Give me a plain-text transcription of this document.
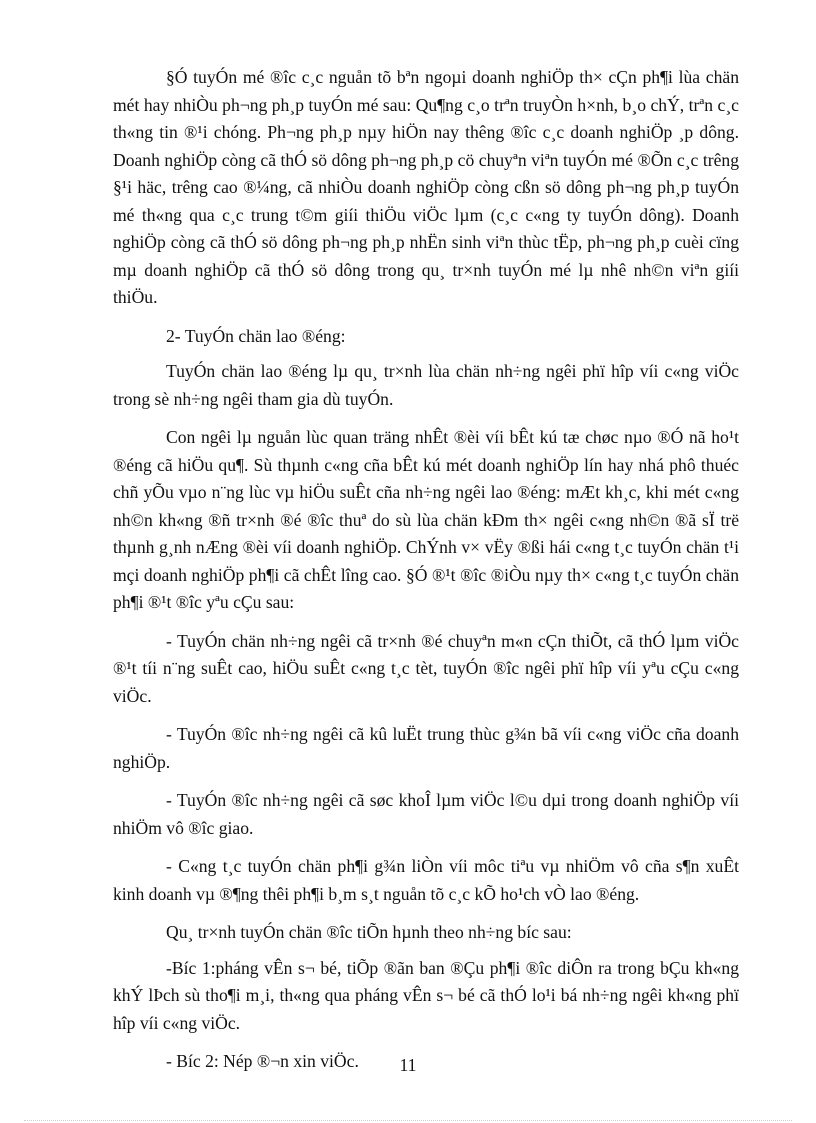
§Ó tuyÓn mé ®îc c¸c nguån tõ bªn ngoµi doanh nghiÖp th× cÇn ph¶i lùa chän mét hay nhiÒu ph¬ng ph¸p tuyÓn mé sau: Qu¶ng c¸o trªn truyÒn h×nh, b¸o chÝ, trªn c¸c th«ng tin ®¹i chóng. Ph¬ng ph¸p nµy hiÖn nay thêng ®îc c¸c doanh nghiÖp ¸p dông. Doanh nghiÖp còng cã thÓ sö dông ph¬ng ph¸p cö chuyªn viªn tuyÓn mé ®Õn c¸c trêng §¹i häc, trêng cao ®¼ng, cã nhiÒu doanh nghiÖp còng cßn sö dông ph¬ng ph¸p tuyÓn mé th«ng qua c¸c trung t©m giíi thiÖu viÖc lµm (c¸c c«ng ty tuyÓn dông). Doanh nghiÖp còng cã thÓ sö dông ph¬ng ph¸p nhËn sinh viªn thùc tËp, ph¬ng ph¸p cuèi cïng mµ doanh nghiÖp cã thÓ sö dông trong qu¸ tr×nh tuyÓn mé lµ nhê nh©n viªn giíi thiÖu.

2- TuyÓn chän lao ®éng:

TuyÓn chän lao ®éng lµ qu¸ tr×nh lùa chän nh÷ng ngêi phï hîp víi c«ng viÖc trong sè nh÷ng ngêi tham gia dù tuyÓn.

Con ngêi lµ nguån lùc quan träng nhÊt ®èi víi bÊt kú tæ chøc nµo ®Ó nã ho¹t ®éng cã hiÖu qu¶. Sù thµnh c«ng cña bÊt kú mét doanh nghiÖp lín hay nhá phô thuéc chñ yÕu vµo n¨ng lùc vµ hiÖu suÊt cña nh÷ng ngêi lao ®éng: mÆt kh¸c, khi mét c«ng nh©n kh«ng ®ñ tr×nh ®é ®îc thuª do sù lùa chän kÐm th× ngêi c«ng nh©n ®ã sÏ trë thµnh g¸nh nÆng ®èi víi doanh nghiÖp. ChÝnh v× vËy ®ßi hái c«ng t¸c tuyÓn chän t¹i mçi doanh nghiÖp ph¶i cã chÊt lîng cao. §Ó ®¹t ®îc ®iÒu nµy th× c«ng t¸c tuyÓn chän ph¶i ®¹t ®îc yªu cÇu sau:

- TuyÓn chän nh÷ng ngêi cã tr×nh ®é chuyªn m«n cÇn thiÕt, cã thÓ lµm viÖc ®¹t tíi n¨ng suÊt cao, hiÖu suÊt c«ng t¸c tèt, tuyÓn ®îc ngêi phï hîp víi yªu cÇu c«ng viÖc.

- TuyÓn ®îc nh÷ng ngêi cã kû luËt trung thùc g¾n bã víi c«ng viÖc cña doanh nghiÖp.

- TuyÓn ®îc nh÷ng ngêi cã søc khoÎ lµm viÖc l©u dµi trong doanh nghiÖp víi nhiÖm vô ®îc giao.

- C«ng t¸c tuyÓn chän ph¶i g¾n liÒn víi môc tiªu vµ nhiÖm vô cña s¶n xuÊt kinh doanh vµ ®¶ng thêi ph¶i b¸m s¸t nguån tõ c¸c kÕ ho¹ch vÒ lao ®éng.

Qu¸ tr×nh tuyÓn chän ®îc tiÕn hµnh theo nh÷ng bíc sau:

-Bíc 1:pháng vÊn s¬ bé, tiÕp ®ãn ban ®Çu ph¶i ®îc diÔn ra trong bÇu kh«ng khÝ lÞch sù tho¶i m¸i, th«ng qua pháng vÊn s¬ bé cã thÓ lo¹i bá nh÷ng ngêi kh«ng phï hîp víi c«ng viÖc.

- Bíc 2: Nép ®¬n xin viÖc.	11
